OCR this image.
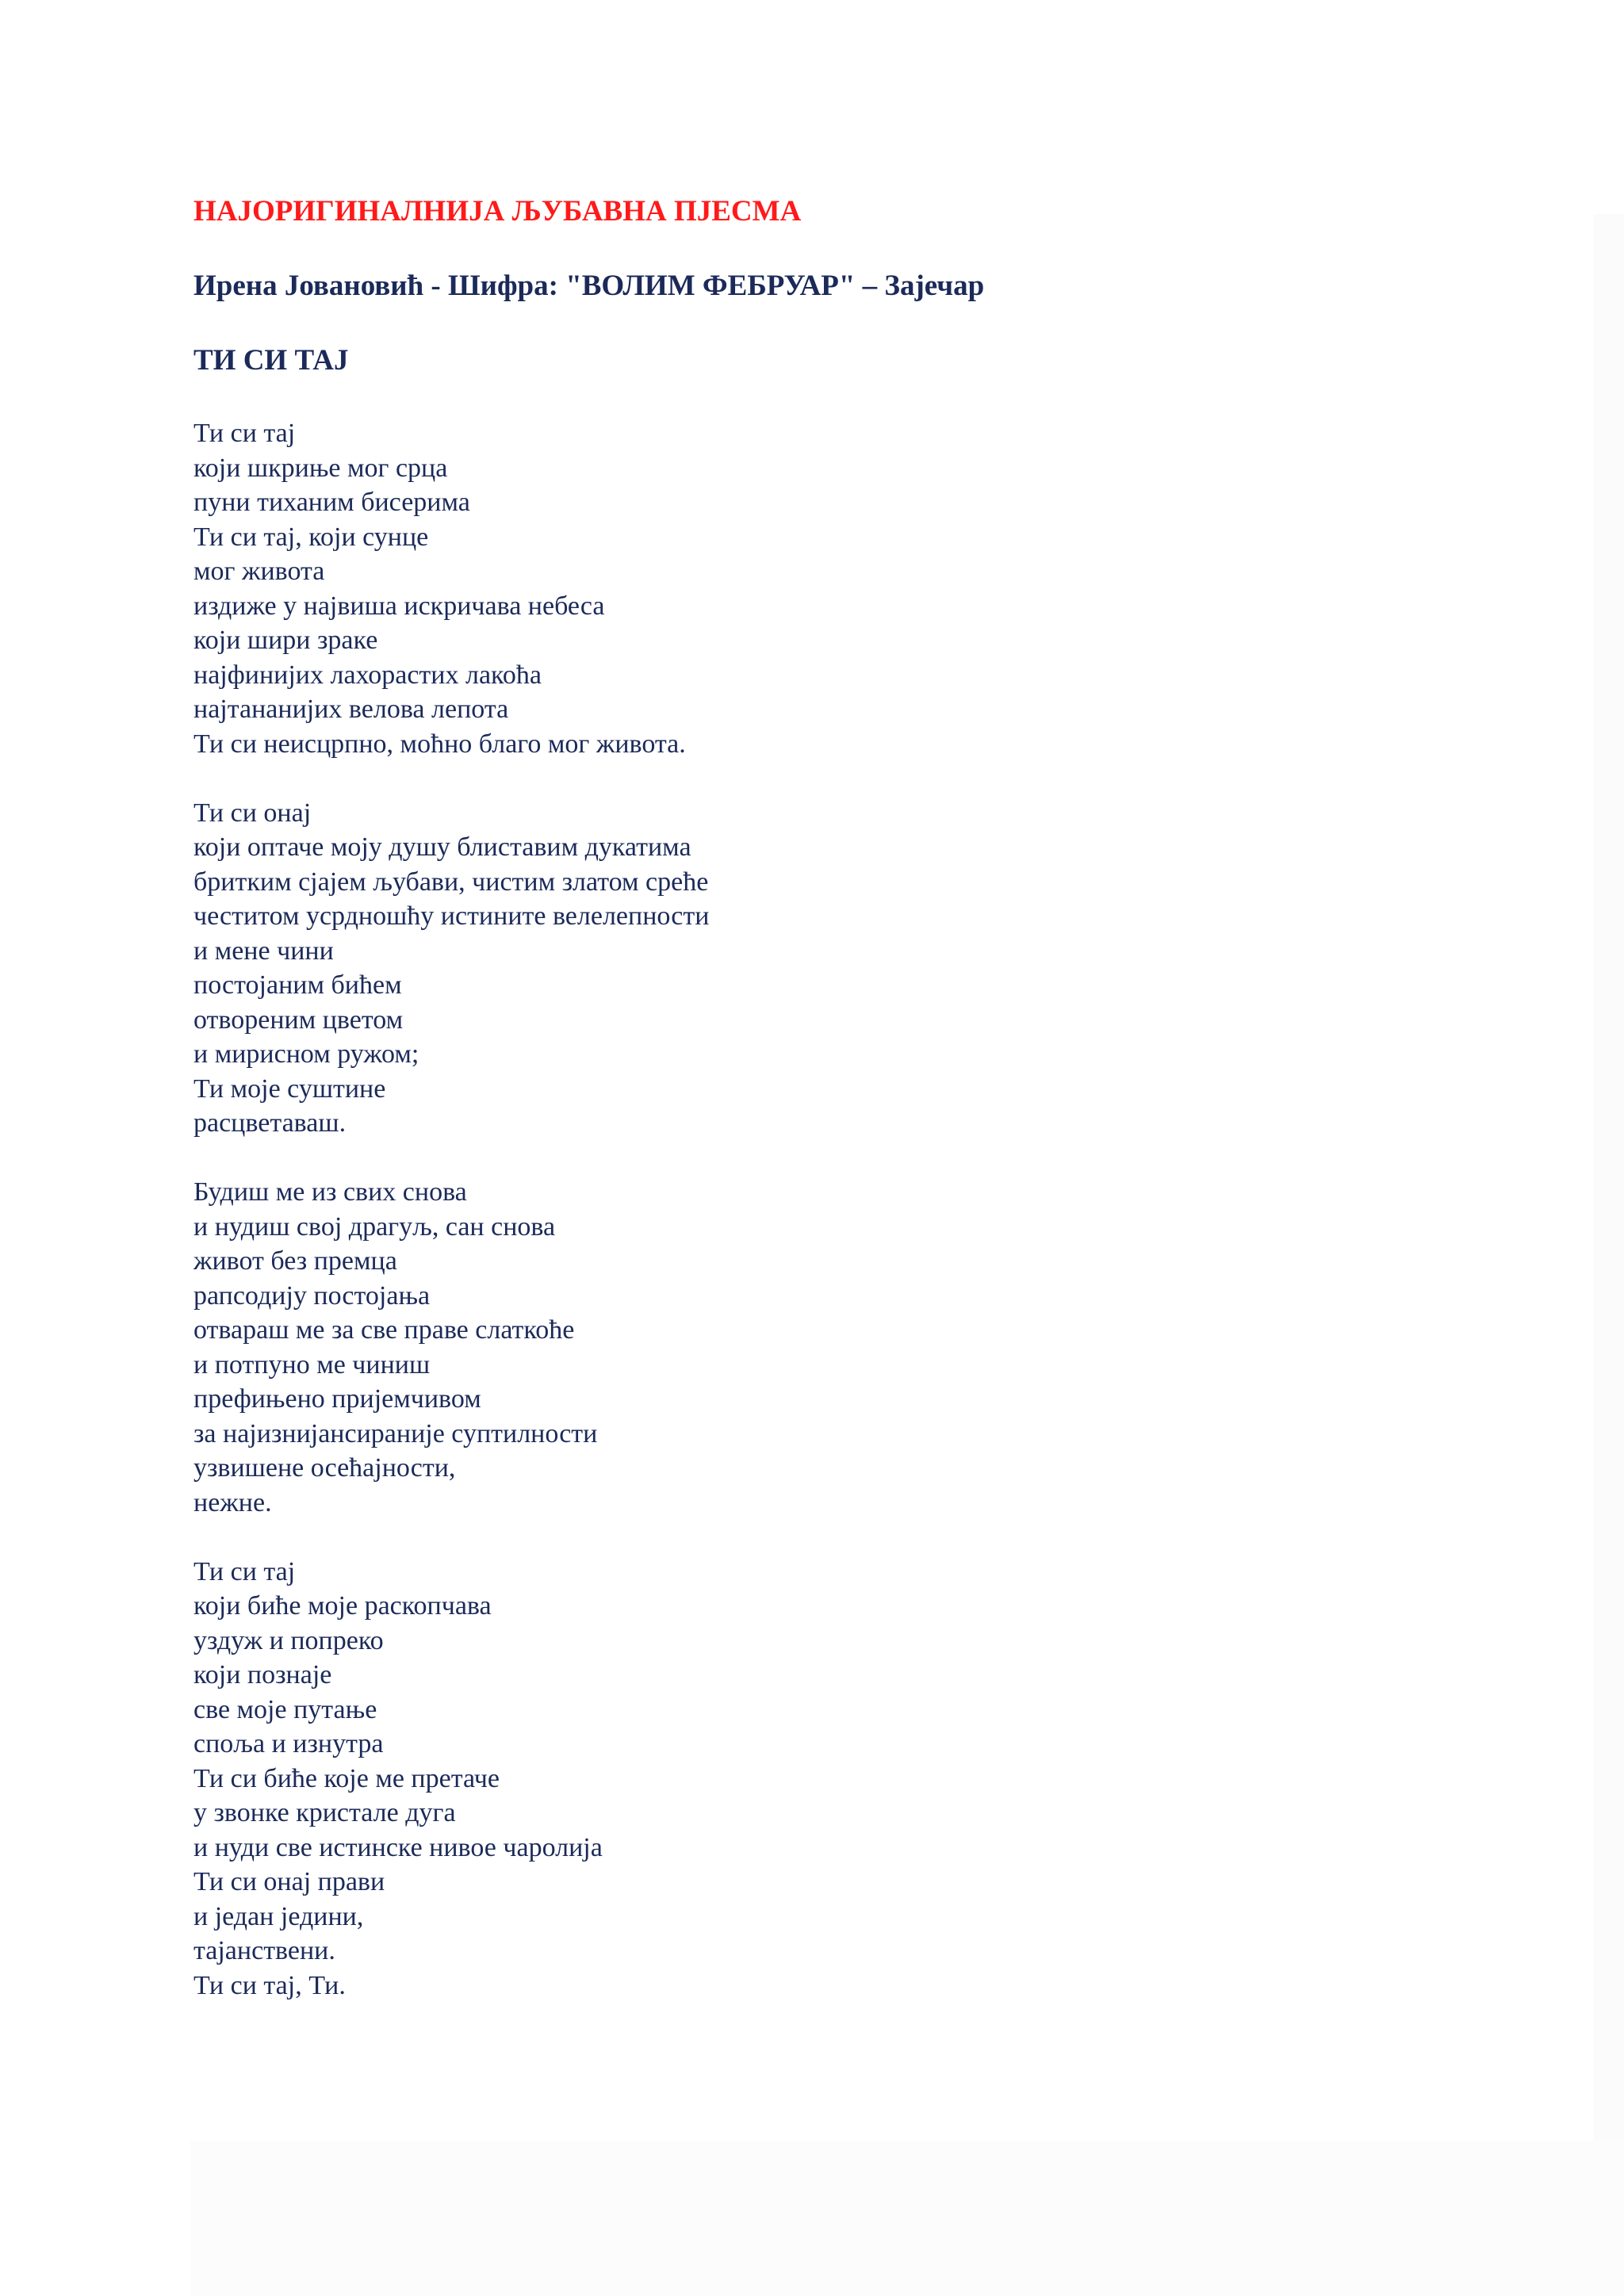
НАЈОРИГИНАЛНИЈА ЉУБАВНА ПЈЕСМА
Ирена Јовановић - Шифра: "ВОЛИМ ФЕБРУАР" – Зајечар
ТИ СИ ТАЈ
Ти си тај
који шкриње мог срца
пуни тиханим бисерима
Ти си тај, који сунце
мог живота
издиже у највиша искричава небеса
који шири зраке
најфинијих лахорастих лакоћа
најтананијих велова лепота
Ти си неисцрпно, моћно благо мог живота.
Ти си онај
који оптаче моју душу блиставим дукатима
бритким сјајем љубави, чистим златом среће
честитом усрдношћу истините велелепности
и мене чини
постојаним бићем
отвореним цветом
и мирисном ружом;
Ти моје суштине
расцветаваш.
Будиш ме из свих снова
и нудиш свој драгуљ, сан снова
живот без премца
рапсодију постојања
отвараш ме за све праве слаткоће
и потпуно ме чиниш
префињено пријемчивом
за најизнијансираније суптилности
узвишене осећајности,
нежне.
Ти си тај
који биће моје раскопчава
уздуж и попреко
који познаје
све моје путање
споља и изнутра
Ти си биће које ме претаче
у звонке кристале дуга
и нуди све истинске нивое чаролија
Ти си онај прави
и један једини,
тајанствени.
Ти си тај, Ти.
